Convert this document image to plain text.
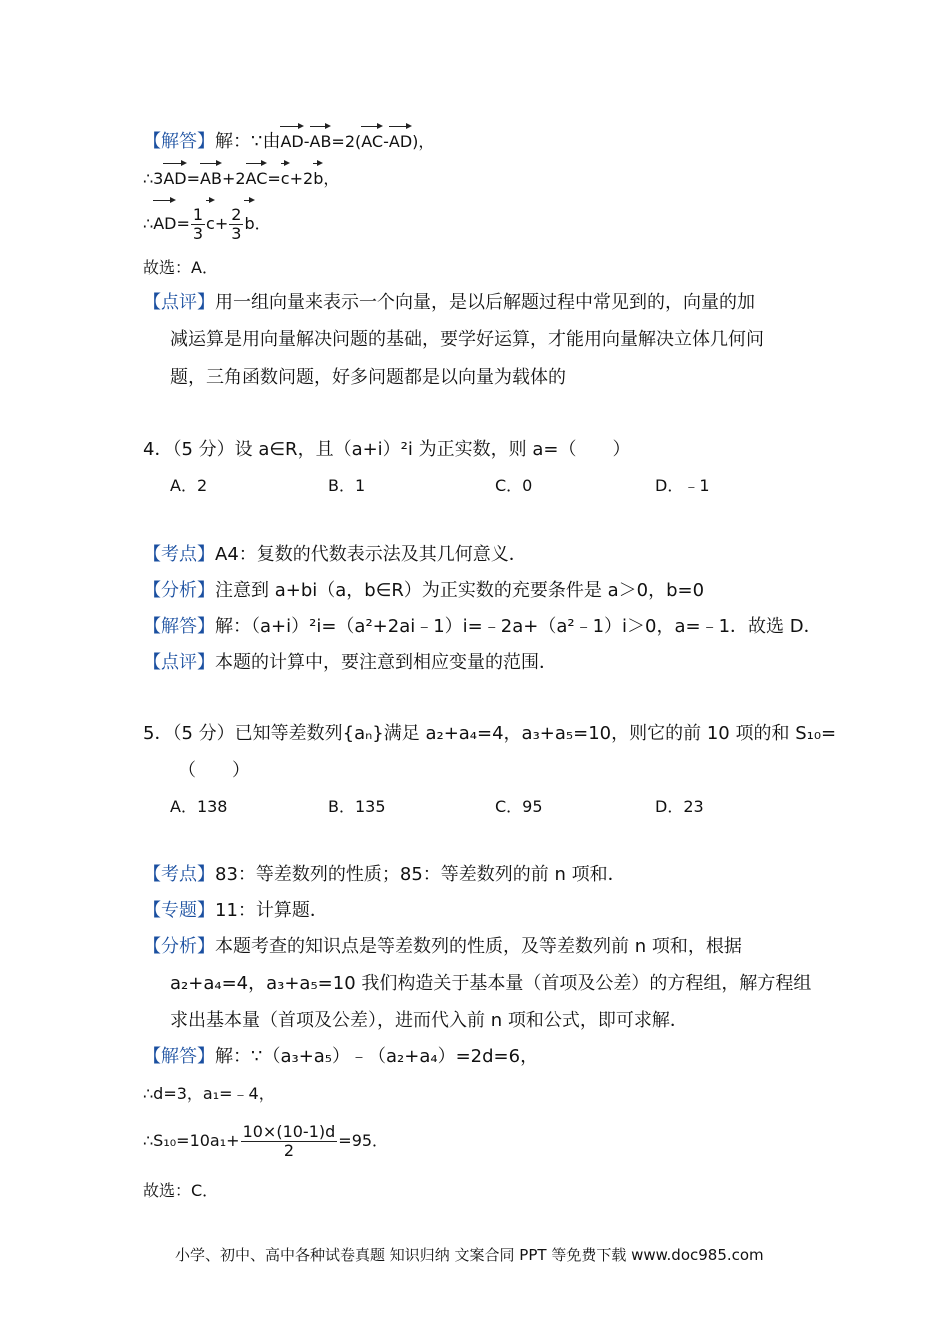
【解答】解：∵由AD-AB=2(AC-AD)，
∴3AD=AB+2AC=c+2b，
∴AD= $\frac{1}{3} c+ \frac{2}{3}$ b．
故选：A．
【点评】用一组向量来表示一个向量，是以后解题过程中常见到的，向量的加
减运算是用向量解决问题的基础，要学好运算，才能用向量解决立体几何问
题，三角函数问题，好多问题都是以向量为载体的
4．（5 分）设 a∈R，且（a+i）²i 为正实数，则 a=（　　）
A．2	B．1	C．0	D．﹣1
【考点】A4：复数的代数表示法及其几何意义．
【分析】注意到 a+bi（a，b∈R）为正实数的充要条件是 a＞0，b=0
【解答】解：（a+i）²i=（a²+2ai﹣1）i=﹣2a+（a²﹣1）i＞0，a=﹣1．故选 D．
【点评】本题的计算中，要注意到相应变量的范围．
5．（5 分）已知等差数列{aₙ}满足 a₂+a₄=4，a₃+a₅=10，则它的前 10 项的和 S₁₀=
（　　）
A．138	B．135	C．95	D．23
【考点】83：等差数列的性质；85：等差数列的前 n 项和．
【专题】11：计算题．
【分析】本题考查的知识点是等差数列的性质，及等差数列前 n 项和，根据
a₂+a₄=4，a₃+a₅=10 我们构造关于基本量（首项及公差）的方程组，解方程组
求出基本量（首项及公差），进而代入前 n 项和公式，即可求解．
【解答】解：∵（a₃+a₅）﹣（a₂+a₄）=2d=6，
∴d=3，a₁=﹣4，
∴S₁₀=10a₁+ $\frac{10\times(10-1)d}{2} =95$．
故选：C．
小学、初中、高中各种试卷真题 知识归纳 文案合同 PPT 等免费下载 www.doc985.com
